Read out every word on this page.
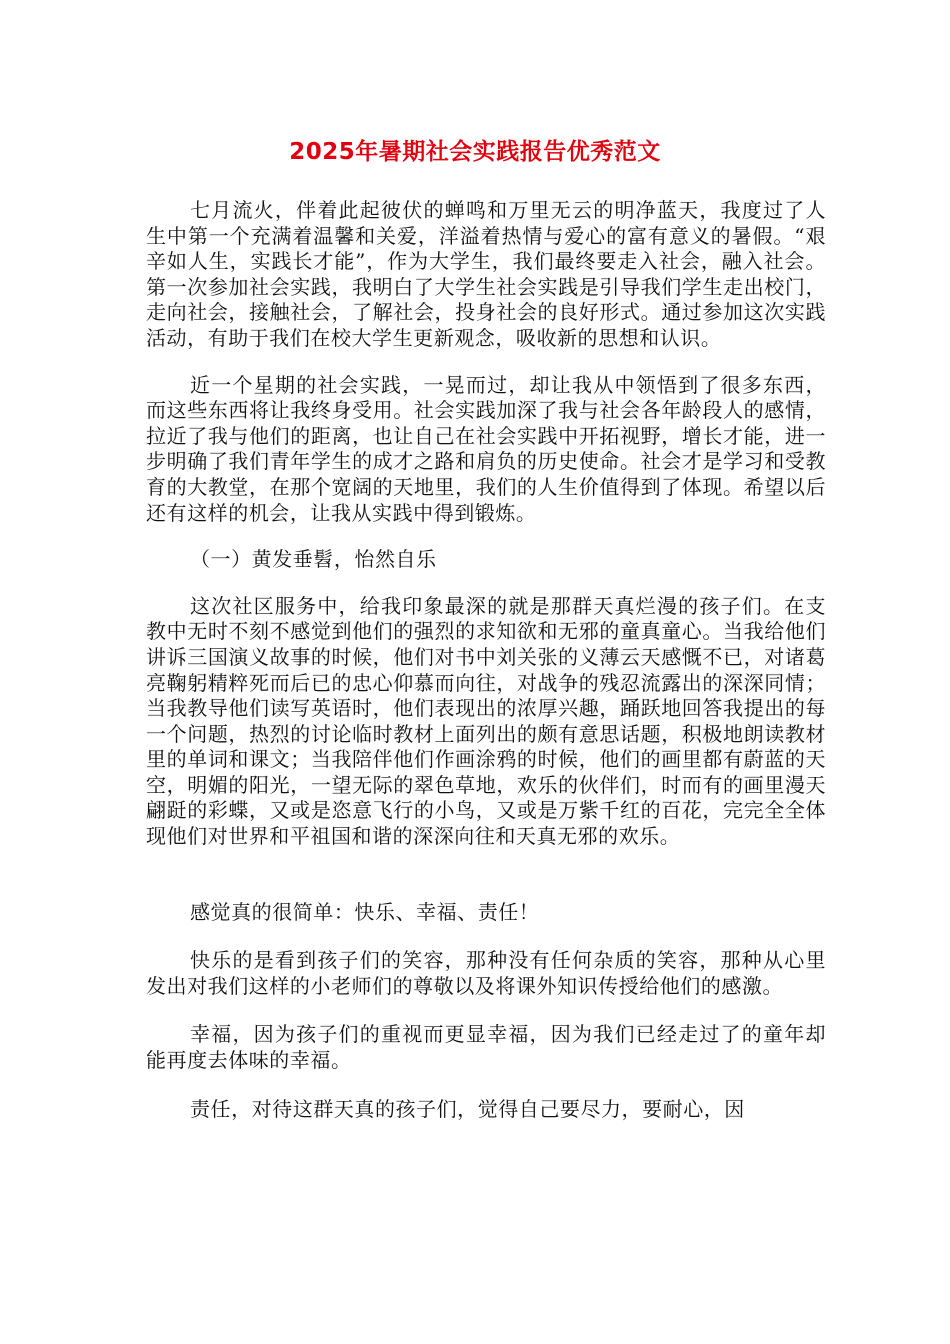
2025年暑期社会实践报告优秀范文

七月流火，伴着此起彼伏的蝉鸣和万里无云的明净蓝天，我度过了人生中第一个充满着温馨和关爱，洋溢着热情与爱心的富有意义的暑假。“艰辛如人生，实践长才能”，作为大学生，我们最终要走入社会，融入社会。第一次参加社会实践，我明白了大学生社会实践是引导我们学生走出校门，走向社会，接触社会，了解社会，投身社会的良好形式。通过参加这次实践活动，有助于我们在校大学生更新观念，吸收新的思想和认识。

近一个星期的社会实践，一晃而过，却让我从中领悟到了很多东西，而这些东西将让我终身受用。社会实践加深了我与社会各年龄段人的感情，拉近了我与他们的距离，也让自己在社会实践中开拓视野，增长才能，进一步明确了我们青年学生的成才之路和肩负的历史使命。社会才是学习和受教育的大教堂，在那个宽阔的天地里，我们的人生价值得到了体现。希望以后还有这样的机会，让我从实践中得到锻炼。

（一）黄发垂髫，怡然自乐

这次社区服务中，给我印象最深的就是那群天真烂漫的孩子们。在支教中无时不刻不感觉到他们的强烈的求知欲和无邪的童真童心。当我给他们讲诉三国演义故事的时候，他们对书中刘关张的义薄云天感慨不已，对诸葛亮鞠躬精粹死而后已的忠心仰慕而向往，对战争的残忍流露出的深深同情；当我教导他们读写英语时，他们表现出的浓厚兴趣，踊跃地回答我提出的每一个问题，热烈的讨论临时教材上面列出的颇有意思话题，积极地朗读教材里的单词和课文；当我陪伴他们作画涂鸦的时候，他们的画里都有蔚蓝的天空，明媚的阳光，一望无际的翠色草地，欢乐的伙伴们，时而有的画里漫天翩跹的彩蝶，又或是恣意飞行的小鸟，又或是万紫千红的百花，完完全全体现他们对世界和平祖国和谐的深深向往和天真无邪的欢乐。

感觉真的很简单：快乐、幸福、责任！

快乐的是看到孩子们的笑容，那种没有任何杂质的笑容，那种从心里发出对我们这样的小老师们的尊敬以及将课外知识传授给他们的感激。

幸福，因为孩子们的重视而更显幸福，因为我们已经走过了的童年却能再度去体味的幸福。

责任，对待这群天真的孩子们，觉得自己要尽力，要耐心，因
